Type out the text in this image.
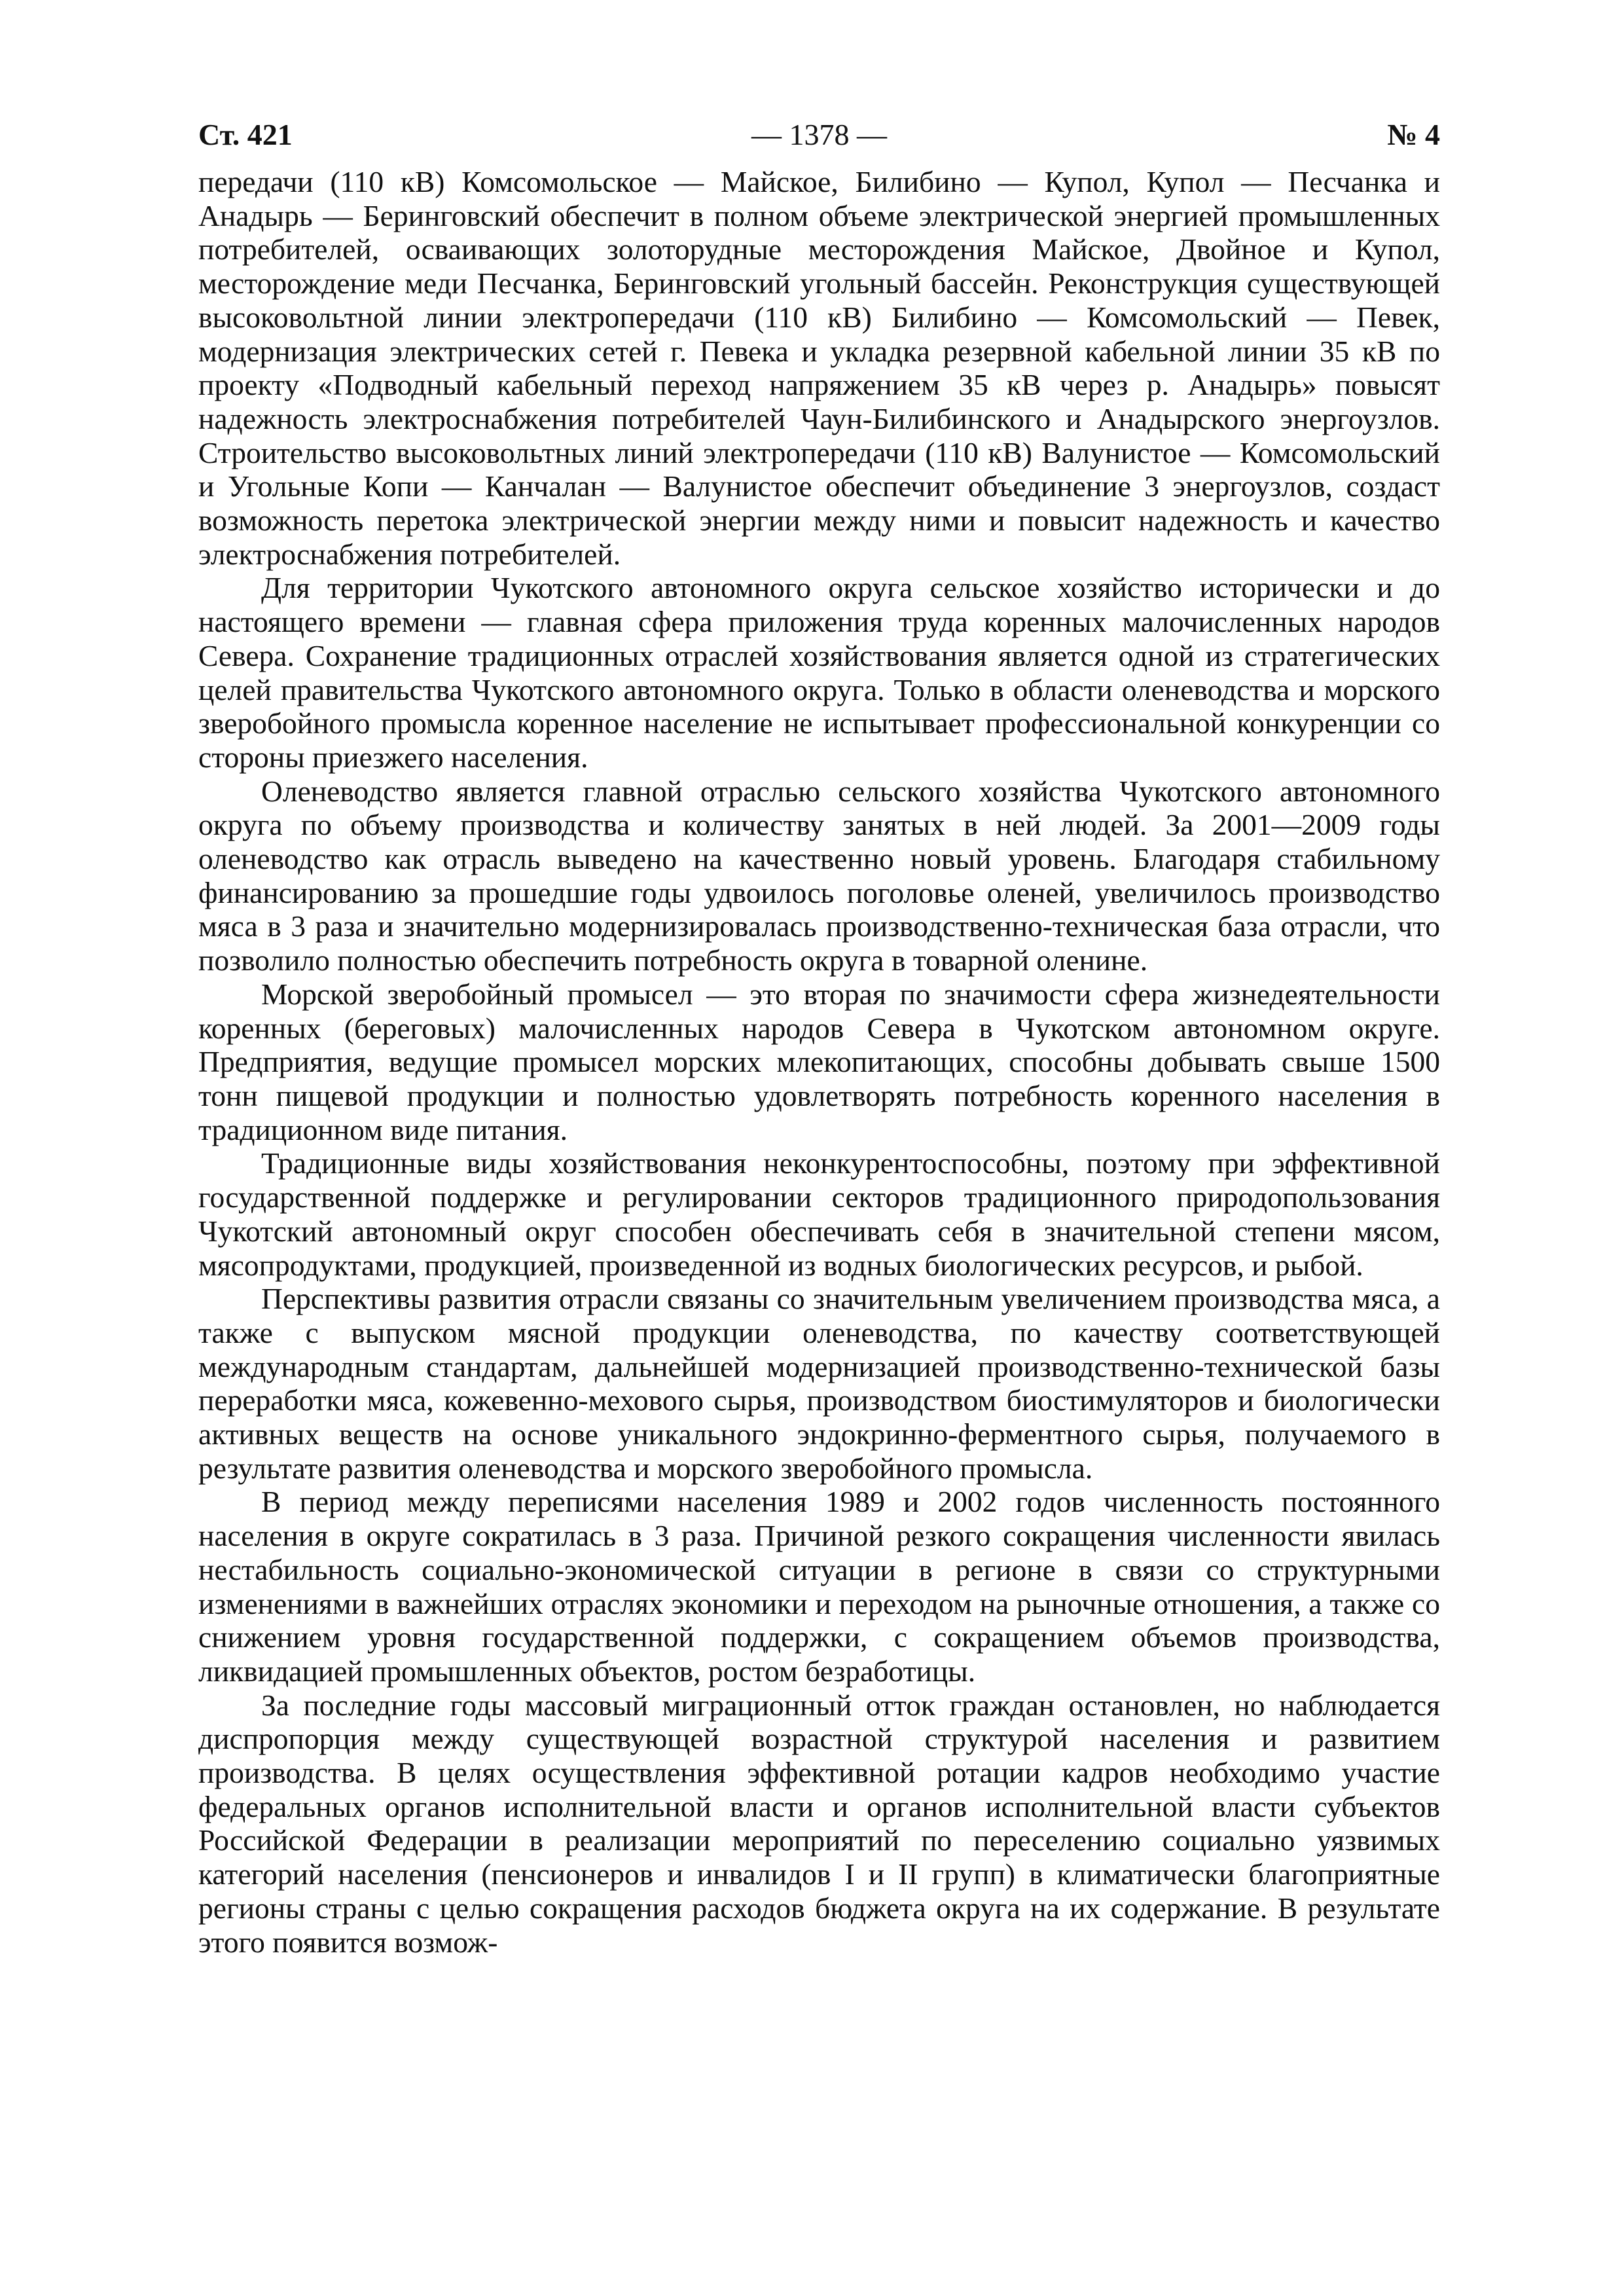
Ст. 421	— 1378 —	№ 4

передачи (110 кВ) Комсомольское — Майское, Билибино — Купол, Купол — Песчанка и Анадырь — Беринговский обеспечит в полном объеме электрической энергией промышленных потребителей, осваивающих золоторудные месторождения Майское, Двойное и Купол, месторождение меди Песчанка, Беринговский угольный бассейн. Реконструкция существующей высоковольтной линии электропередачи (110 кВ) Билибино — Комсомольский — Певек, модернизация электрических сетей г. Певека и укладка резервной кабельной линии 35 кВ по проекту «Подводный кабельный переход напряжением 35 кВ через р. Анадырь» повысят надежность электроснабжения потребителей Чаун-Билибинского и Анадырского энергоузлов. Строительство высоковольтных линий электропередачи (110 кВ) Валунистое — Комсомольский и Угольные Копи — Канчалан — Валунистое обеспечит объединение 3 энергоузлов, создаст возможность перетока электрической энергии между ними и повысит надежность и качество электроснабжения потребителей.

Для территории Чукотского автономного округа сельское хозяйство исторически и до настоящего времени — главная сфера приложения труда коренных малочисленных народов Севера. Сохранение традиционных отраслей хозяйствования является одной из стратегических целей правительства Чукотского автономного округа. Только в области оленеводства и морского зверобойного промысла коренное население не испытывает профессиональной конкуренции со стороны приезжего населения.

Оленеводство является главной отраслью сельского хозяйства Чукотского автономного округа по объему производства и количеству занятых в ней людей. За 2001—2009 годы оленеводство как отрасль выведено на качественно новый уровень. Благодаря стабильному финансированию за прошедшие годы удвоилось поголовье оленей, увеличилось производство мяса в 3 раза и значительно модернизировалась производственно-техническая база отрасли, что позволило полностью обеспечить потребность округа в товарной оленине.

Морской зверобойный промысел — это вторая по значимости сфера жизнедеятельности коренных (береговых) малочисленных народов Севера в Чукотском автономном округе. Предприятия, ведущие промысел морских млекопитающих, способны добывать свыше 1500 тонн пищевой продукции и полностью удовлетворять потребность коренного населения в традиционном виде питания.

Традиционные виды хозяйствования неконкурентоспособны, поэтому при эффективной государственной поддержке и регулировании секторов традиционного природопользования Чукотский автономный округ способен обеспечивать себя в значительной степени мясом, мясопродуктами, продукцией, произведенной из водных биологических ресурсов, и рыбой.

Перспективы развития отрасли связаны со значительным увеличением производства мяса, а также с выпуском мясной продукции оленеводства, по качеству соответствующей международным стандартам, дальнейшей модернизацией производственно-технической базы переработки мяса, кожевенно-мехового сырья, производством биостимуляторов и биологически активных веществ на основе уникального эндокринно-ферментного сырья, получаемого в результате развития оленеводства и морского зверобойного промысла.

В период между переписями населения 1989 и 2002 годов численность постоянного населения в округе сократилась в 3 раза. Причиной резкого сокращения численности явилась нестабильность социально-экономической ситуации в регионе в связи со структурными изменениями в важнейших отраслях экономики и переходом на рыночные отношения, а также со снижением уровня государственной поддержки, с сокращением объемов производства, ликвидацией промышленных объектов, ростом безработицы.

За последние годы массовый миграционный отток граждан остановлен, но наблюдается диспропорция между существующей возрастной структурой населения и развитием производства. В целях осуществления эффективной ротации кадров необходимо участие федеральных органов исполнительной власти и органов исполнительной власти субъектов Российской Федерации в реализации мероприятий по переселению социально уязвимых категорий населения (пенсионеров и инвалидов I и II групп) в климатически благоприятные регионы страны с целью сокращения расходов бюджета округа на их содержание. В результате этого появится возмож-
